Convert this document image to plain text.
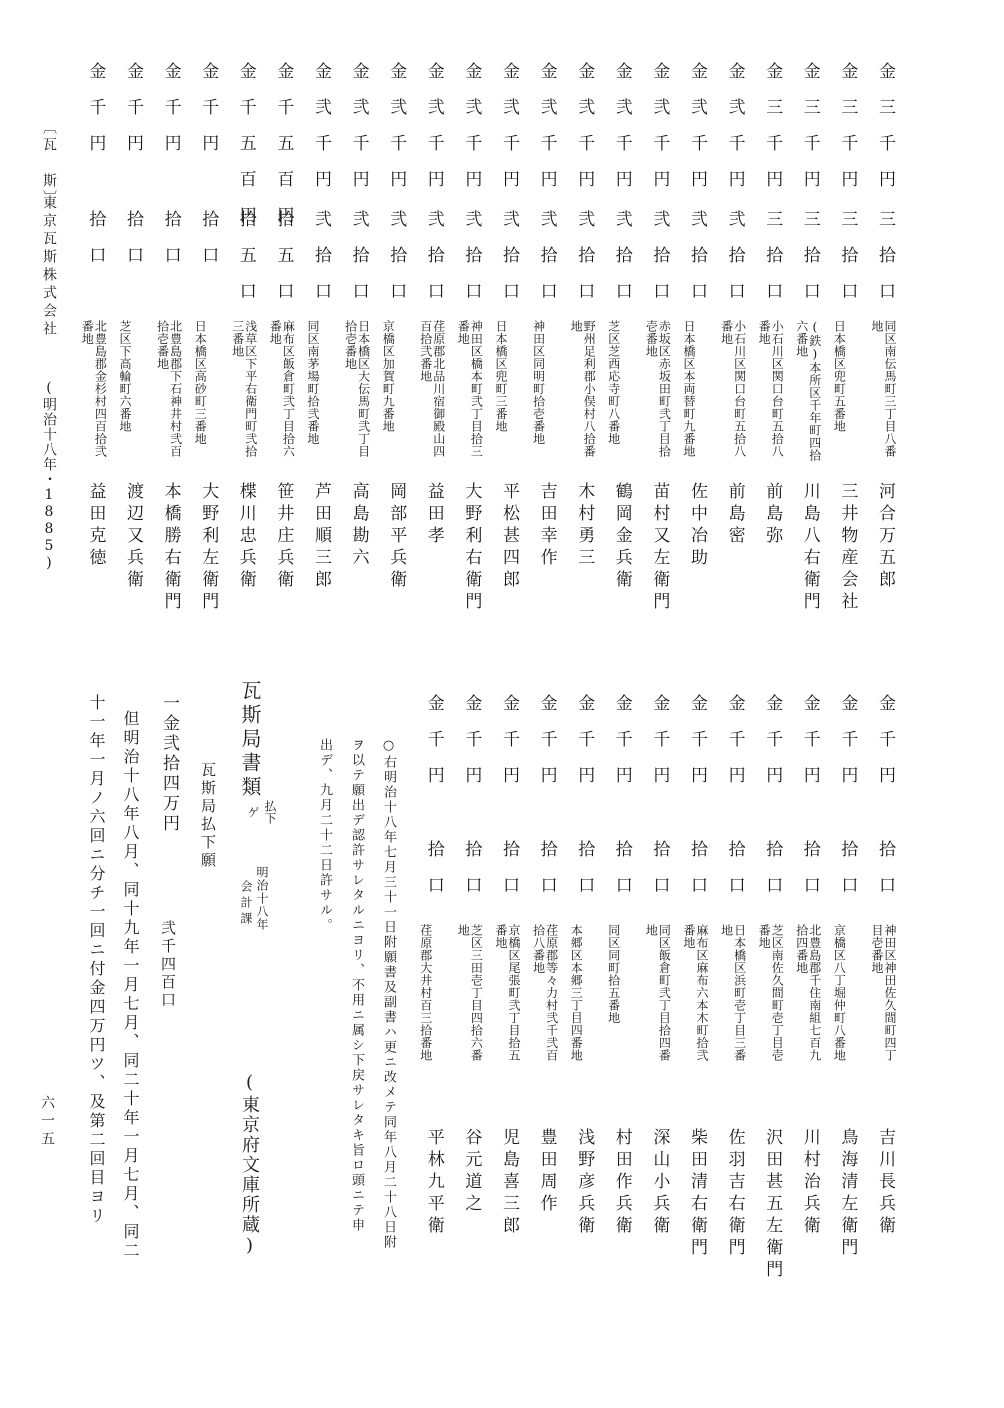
〔瓦 斯〕
東京瓦斯株式会社
(明治十八年・1885)
金三千円
三拾口
同区南伝馬町三丁目八番地
河合万五郎
金三千円
三拾口
日本橋区兜町五番地
三井物産会社
金三千円
三拾口
(鉄)本所区千年町四拾六番地
川島八右衛門
金三千円
三拾口
小石川区関口台町五拾八番地
前島弥
金弐千円
弐拾口
小石川区関口台町五拾八番地
前島密
金弐千円
弐拾口
日本橋区本両替町九番地
佐中冶助
金弐千円
弐拾口
赤坂区赤坂田町弐丁目拾壱番地
苗村又左衛門
金弐千円
弐拾口
芝区芝西応寺町八番地
鶴岡金兵衛
金弐千円
弐拾口
野州足利郡小俣村八拾番地
木村勇三
金弐千円
弐拾口
神田区同明町拾壱番地
吉田幸作
金弐千円
弐拾口
日本橋区兜町三番地
平松甚四郎
金弐千円
弐拾口
神田区橋本町弐丁目拾三番地
大野利右衛門
金弐千円
弐拾口
荏原郡北品川宿御殿山四百拾弐番地
益田孝
金弐千円
弐拾口
京橋区加賀町九番地
岡部平兵衛
金弐千円
弐拾口
日本橋区大伝馬町弐丁目拾壱番地
高島勘六
金弐千円
弐拾口
同区南茅場町拾弐番地
芦田順三郎
金千五百円
拾五口
麻布区飯倉町弐丁目拾六番地
笹井庄兵衛
金千五百円
拾五口
浅草区下平右衛門町弐拾三番地
楪川忠兵衛
金千円
拾口
日本橋区高砂町三番地
大野利左衛門
金千円
拾口
北豊島郡下石神井村弐百拾壱番地
本橋勝右衛門
金千円
拾口
芝区下高輪町六番地
渡辺又兵衛
金千円
拾口
北豊島郡金杉村四百拾弐番地
益田克徳
金千円
拾口
神田区神田佐久間町四丁目壱番地
吉川長兵衛
金千円
拾口
京橋区八丁堀仲町八番地
鳥海清左衛門
金千円
拾口
北豊島郡千住南組七百九拾四番地
川村治兵衛
金千円
拾口
芝区南佐久間町壱丁目壱番地
沢田甚五左衛門
金千円
拾口
日本橋区浜町壱丁目三番地
佐羽吉右衛門
金千円
拾口
麻布区麻布六本木町拾弐番地
柴田清右衛門
金千円
拾口
同区飯倉町弐丁目拾四番地
深山小兵衛
金千円
拾口
同区同町拾五番地
村田作兵衛
金千円
拾口
本郷区本郷三丁目四番地
浅野彦兵衛
金千円
拾口
荏原郡等々力村弐千弐百拾八番地
豊田周作
金千円
拾口
京橋区尾張町弐丁目拾五番地
児島喜三郎
金千円
拾口
芝区三田壱丁目四拾六番地
谷元道之
金千円
拾口
荏原郡大井村百三拾番地
平林九平衛
○右明治十八年七月三十一日附願書及副書ハ更ニ改メテ同年八月二十八日附
ヲ以テ願出デ認許サレタルニヨリ、不用ニ属シ下戻サレタキ旨ロ頭ニテ申
出デ、九月二十二日許サル。
瓦斯局書類
払下
ゲ
明治十八年
会計課
(東京府文庫所蔵)
瓦斯局払下願
一金弐拾四万円
弐千四百口
但明治十八年八月、同十九年一月七月、同二十年一月七月、同二
十一年一月ノ六回ニ分チ一回ニ付金四万円ツ、及第二回目ヨリ
六一五
